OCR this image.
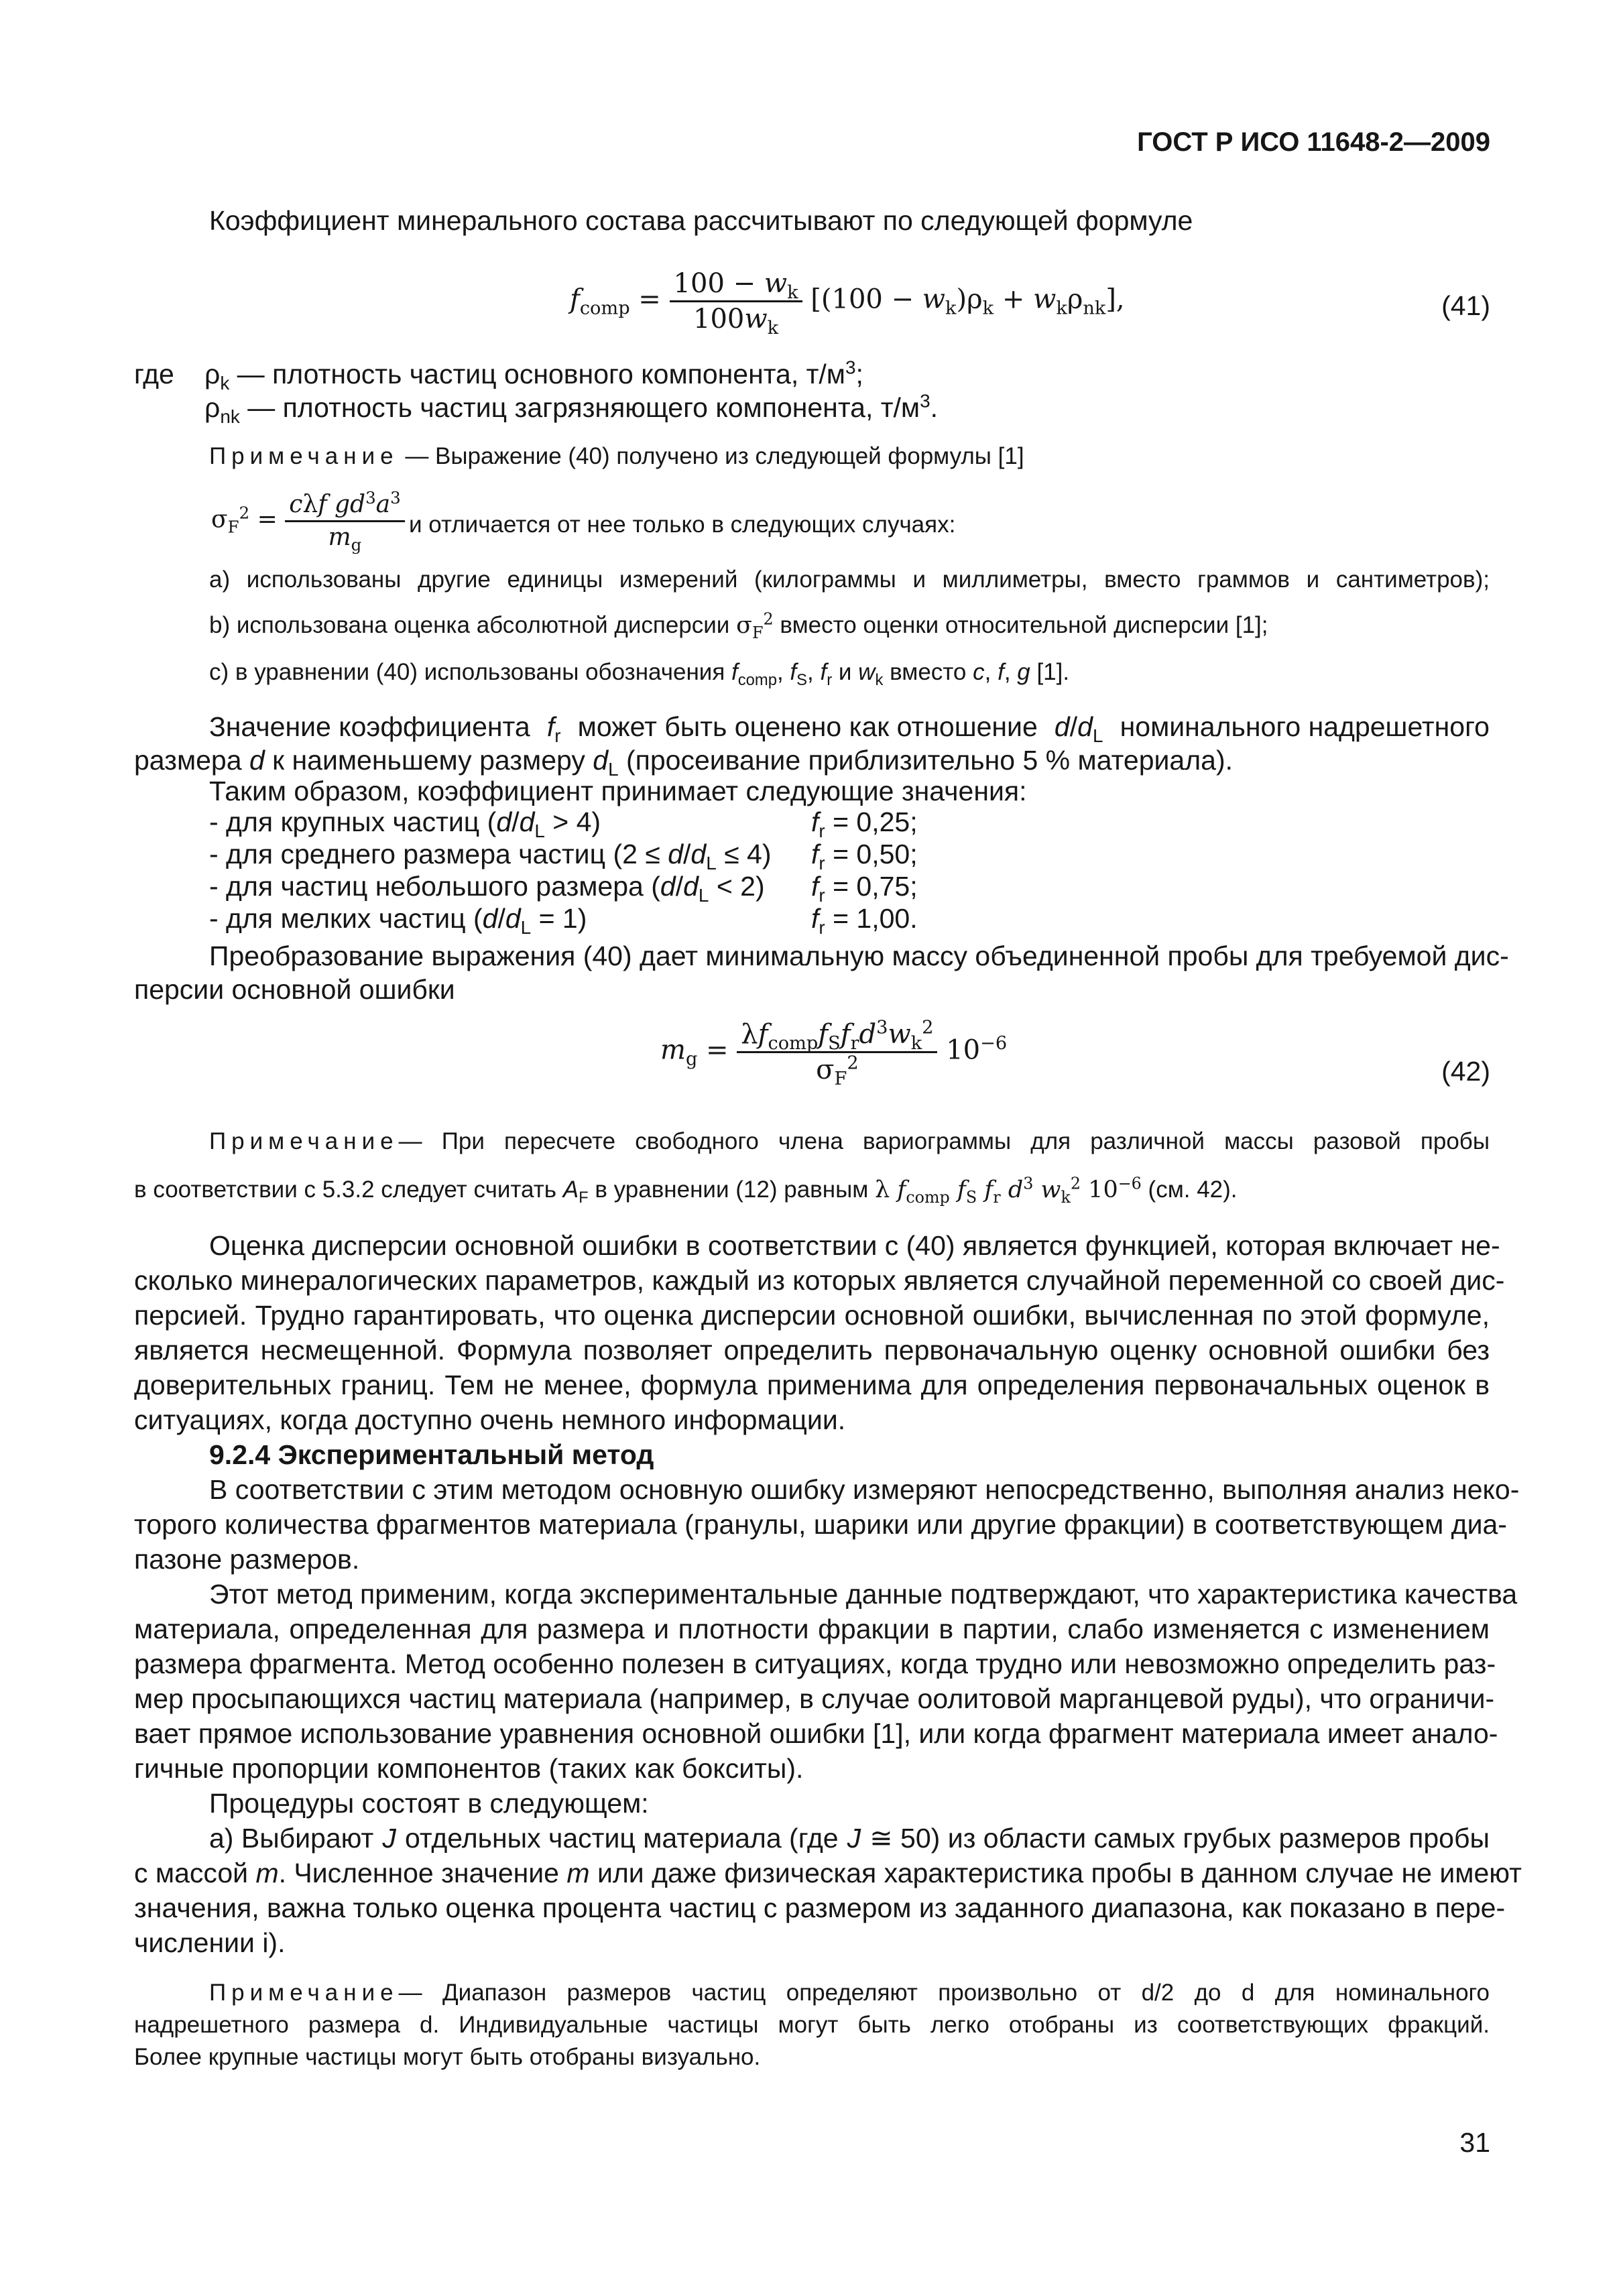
ГОСТ Р ИСО 11648-2—2009
Коэффициент минерального состава рассчитывают по следующей формуле
$f_{comp} = \frac{100 - w_k}{100w_k} [(100 - w_k)\rho_k + w_k\rho_{nk}]$,	(41)
где $\rho_k$ — плотность частиц основного компонента, $т/м^3$;
$\rho_{nk}$ — плотность частиц загрязняющего компонента, $т/м^3$.
Примечание — Выражение (40) получено из следующей формулы [1]
$\sigma_F^2 = \frac{c\lambda f gd^3a^3}{m_g}$ и отличается от нее только в следующих случаях:
а) использованы другие единицы измерений (килограммы и миллиметры, вместо граммов и сантиметров);
b) использована оценка абсолютной дисперсии $\sigma_F^2$ вместо оценки относительной дисперсии [1];
с) в уравнении (40) использованы обозначения $f_{comp}$, $f_S$, $f_r$ и $w_k$ вместо c, f, g [1].
Значение коэффициента $f_r$ может быть оценено как отношение $d/d_L$ номинального надрешетного
размера d к наименьшему размеру $d_L$ (просеивание приблизительно 5 % материала).
Таким образом, коэффициент принимает следующие значения:
- для крупных частиц $(d/d_L > 4)$	$f_r = 0,25$;
- для среднего размера частиц $(2 \le d/d_L \le 4)$ $f_r = 0,50$;
- для частиц небольшого размера $(d/d_L < 2) f_r = 0,75$;
- для мелких частиц $(d/d_L = 1)$	$f_r = 1,00$.
Преобразование выражения (40) дает минимальную массу объединенной пробы для требуемой дис-
персии основной ошибки
$m_g = \frac{\lambda f_{comp}f_Sf_rd^3w_k^2}{\sigma_F^2} 10^{-6}$
(42)
Примечание — При пересчете свободного члена вариограммы для различной массы разовой пробы
в соответствии с 5.3.2 следует считать $A_F$ в уравнении (12) равным λ $f_{comp}$ $f_S$ $f_r$ $d^3$ $w_k^2$ $10^{-6}$ (см. 42).
Оценка дисперсии основной ошибки в соответствии с (40) является функцией, которая включает не-
сколько минералогических параметров, каждый из которых является случайной переменной со своей дис-
персией. Трудно гарантировать, что оценка дисперсии основной ошибки, вычисленная по этой формуле,
является несмещенной. Формула позволяет определить первоначальную оценку основной ошибки без
доверительных границ. Тем не менее, формула применима для определения первоначальных оценок в
ситуациях, когда доступно очень немного информации.
9.2.4 Экспериментальный метод
В соответствии с этим методом основную ошибку измеряют непосредственно, выполняя анализ неко-
торого количества фрагментов материала (гранулы, шарики или другие фракции) в соответствующем диа-
пазоне размеров.
Этот метод применим, когда экспериментальные данные подтверждают, что характеристика качества
материала, определенная для размера и плотности фракции в партии, слабо изменяется с изменением
размера фрагмента. Метод особенно полезен в ситуациях, когда трудно или невозможно определить раз-
мер просыпающихся частиц материала (например, в случае оолитовой марганцевой руды), что ограничи-
вает прямое использование уравнения основной ошибки [1], или когда фрагмент материала имеет анало-
гичные пропорции компонентов (таких как бокситы).
Процедуры состоят в следующем:
а) Выбирают J отдельных частиц материала (где J ≅ 50) из области самых грубых размеров пробы
с массой m. Численное значение m или даже физическая характеристика пробы в данном случае не имеют
значения, важна только оценка процента частиц с размером из заданного диапазона, как показано в пере-
числении i).
Примечание — Диапазон размеров частиц определяют произвольно от d/2 до d для номинального
надрешетного размера d. Индивидуальные частицы могут быть легко отобраны из соответствующих фракций.
Более крупные частицы могут быть отобраны визуально.
31
